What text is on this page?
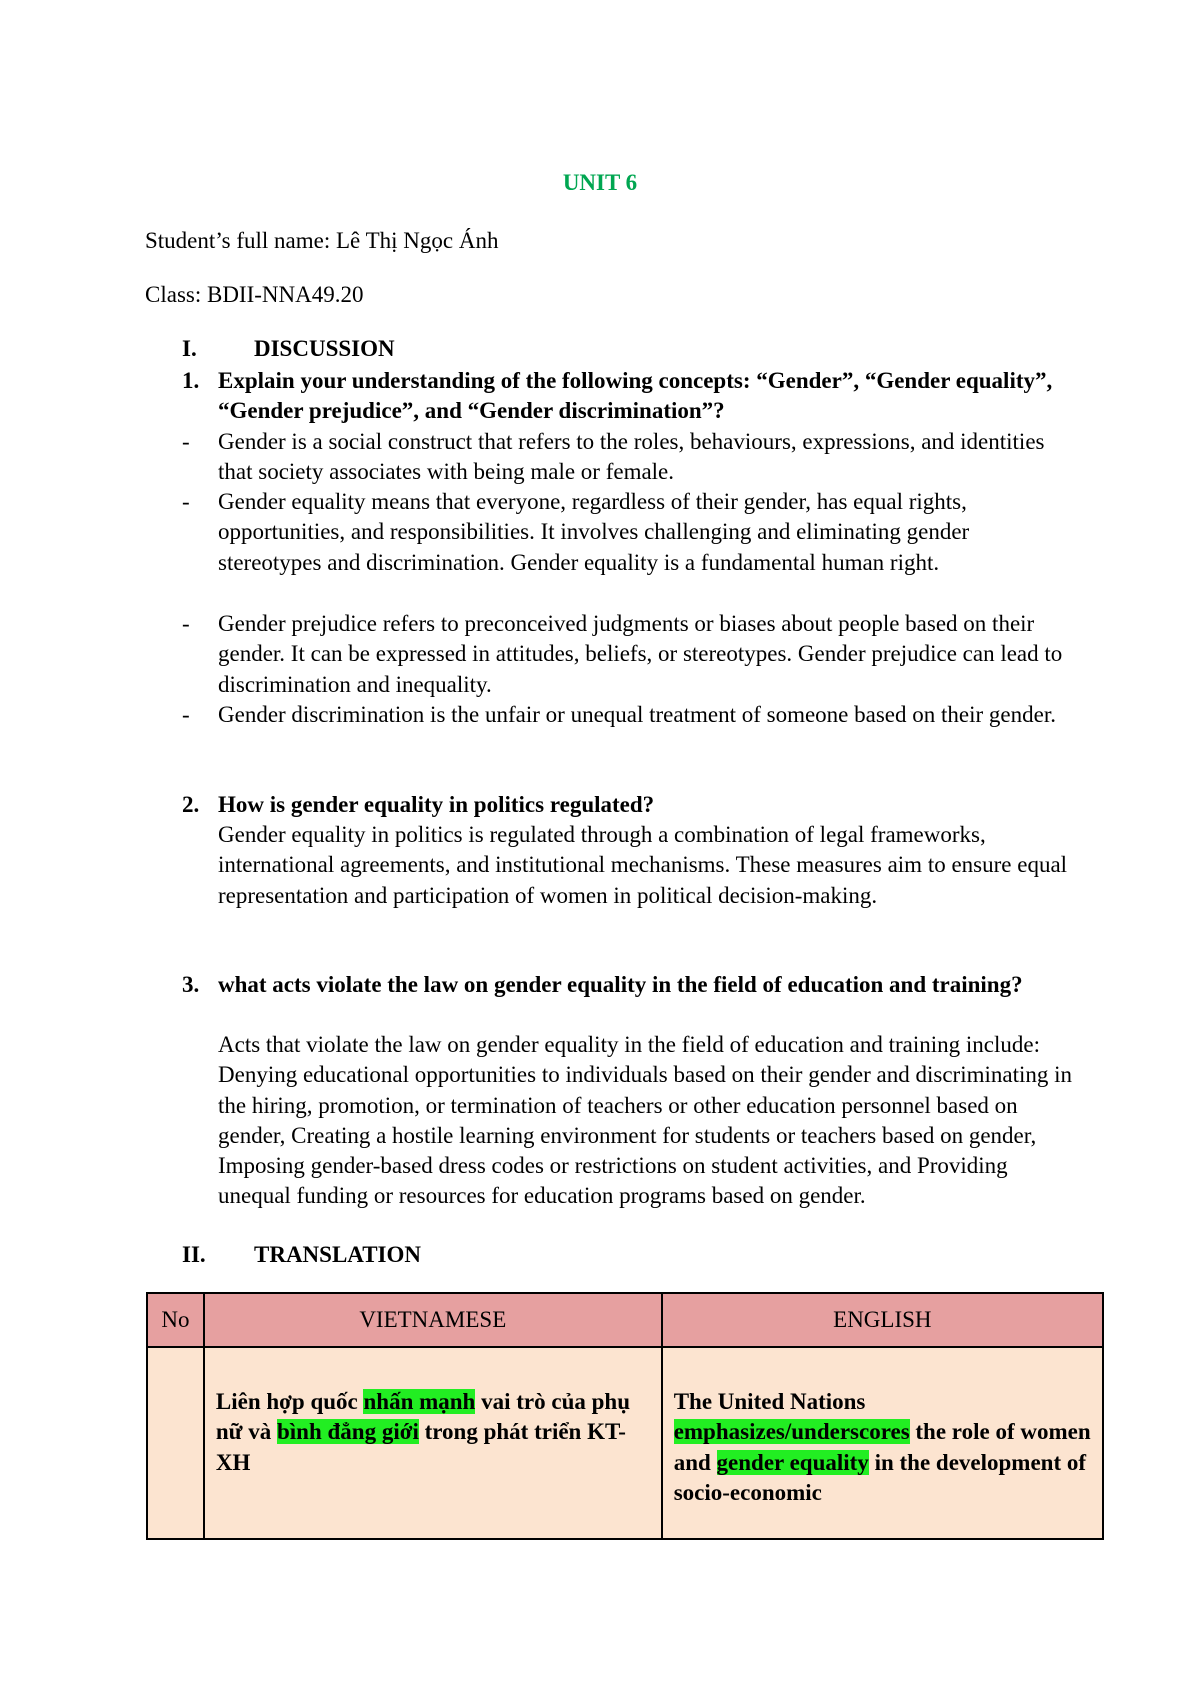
UNIT 6
Student’s full name: Lê Thị Ngọc Ánh
Class: BDII-NNA49.20
I. DISCUSSION
1. Explain your understanding of the following concepts: “Gender”, “Gender equality”, “Gender prejudice”, and “Gender discrimination”?
- Gender is a social construct that refers to the roles, behaviours, expressions, and identities that society associates with being male or female.
- Gender equality means that everyone, regardless of their gender, has equal rights, opportunities, and responsibilities. It involves challenging and eliminating gender stereotypes and discrimination. Gender equality is a fundamental human right.
- Gender prejudice refers to preconceived judgments or biases about people based on their gender. It can be expressed in attitudes, beliefs, or stereotypes. Gender prejudice can lead to discrimination and inequality.
- Gender discrimination is the unfair or unequal treatment of someone based on their gender.
2. How is gender equality in politics regulated?
Gender equality in politics is regulated through a combination of legal frameworks, international agreements, and institutional mechanisms. These measures aim to ensure equal representation and participation of women in political decision-making.
3. what acts violate the law on gender equality in the field of education and training?
Acts that violate the law on gender equality in the field of education and training include: Denying educational opportunities to individuals based on their gender and discriminating in the hiring, promotion, or termination of teachers or other education personnel based on gender, Creating a hostile learning environment for students or teachers based on gender, Imposing gender-based dress codes or restrictions on student activities, and Providing unequal funding or resources for education programs based on gender.
II. TRANSLATION
No	VIETNAMESE	ENGLISH

	Liên hợp quốc nhấn mạnh vai trò của phụ nữ và bình đẳng giới trong phát triển KT-XH	The United Nations emphasizes/underscores the role of women and gender equality in the development of socio-economic
